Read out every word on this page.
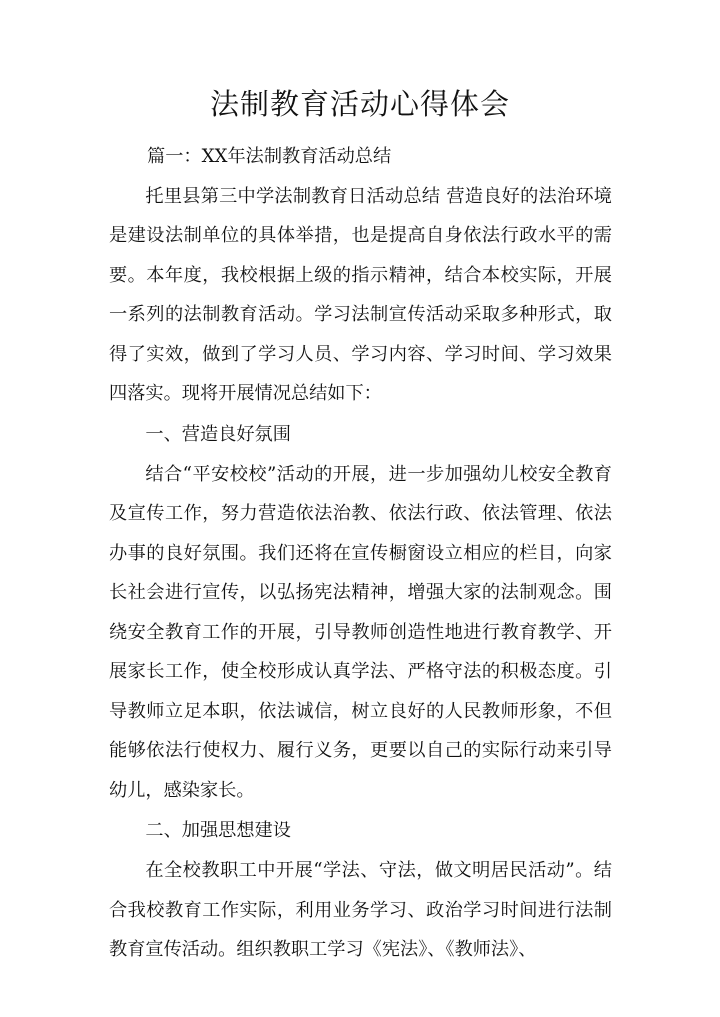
法制教育活动心得体会

篇一：XX年法制教育活动总结

托里县第三中学法制教育日活动总结 营造良好的法治环境是建设法制单位的具体举措，也是提高自身依法行政水平的需要。本年度，我校根据上级的指示精神，结合本校实际，开展一系列的法制教育活动。学习法制宣传活动采取多种形式，取得了实效，做到了学习人员、学习内容、学习时间、学习效果四落实。现将开展情况总结如下：

一、营造良好氛围

结合“平安校校”活动的开展，进一步加强幼儿校安全教育及宣传工作，努力营造依法治教、依法行政、依法管理、依法办事的良好氛围。我们还将在宣传橱窗设立相应的栏目，向家长社会进行宣传，以弘扬宪法精神，增强大家的法制观念。围绕安全教育工作的开展，引导教师创造性地进行教育教学、开展家长工作，使全校形成认真学法、严格守法的积极态度。引导教师立足本职，依法诚信，树立良好的人民教师形象，不但能够依法行使权力、履行义务，更要以自己的实际行动来引导幼儿，感染家长。

二、加强思想建设

在全校教职工中开展“学法、守法，做文明居民活动”。结合我校教育工作实际，利用业务学习、政治学习时间进行法制教育宣传活动。组织教职工学习《宪法》、《教师法》、
